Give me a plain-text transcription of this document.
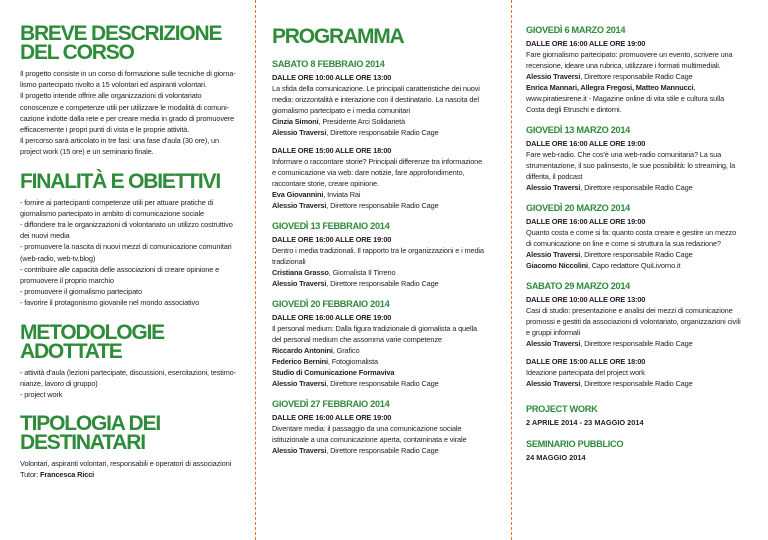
BREVE DESCRIZIONE
DEL CORSO
Il progetto consiste in un corso di formazione sulle tecniche di giorna-
lismo partecipato rivolto a 15 volontari ed aspiranti volontari.
Il progetto intende offrire alle organizzazioni di volontariato
conoscenze e competenze utili per utilizzare le modalità di comuni-
cazione indotte dalla rete e per creare media in grado di promuovere
efficacemente i propri punti di vista e le proprie attività.
Il percorso sarà articolato in tre fasi: una fase d'aula (30 ore), un
project work (15 ore) e un seminario finale.
FINALITÀ E OBIETTIVI
- fornire ai partecipanti competenze utili per attuare pratiche di
giornalismo partecipato in ambito di comunicazione sociale
- diffondere tra le organizzazioni di volontariato un utilizzo costruttivo
dei nuovi media
- promuovere la nascita di nuovi mezzi di comunicazione comunitari
(web-radio, web-tv,blog)
- contribuire alle capacità delle associazioni di creare opinione e
promuovere il proprio marchio
- promuovere il giornalismo partecipato
- favorire il protagonismo giovanile nel mondo associativo
METODOLOGIE
ADOTTATE
- attività d'aula (lezioni partecipate, discussioni, esercitazioni, testimo-
nianze, lavoro di gruppo)
- project work
TIPOLOGIA DEI
DESTINATARI
Volontari, aspiranti volontari, responsabili e operatori di associazioni
Tutor: Francesca Ricci
PROGRAMMA
SABATO 8 FEBBRAIO 2014
DALLE ORE 10:00 ALLE ORE 13:00
La sfida della comunicazione. Le principali caratteristiche dei nuovi
media: orizzontalità e interazione con il destinatario. La nascita del
giornalismo partecipato e i media comunitari
Cinzia Simoni, Presidente Arci Solidarietà
Alessio Traversi, Direttore responsabile Radio Cage
DALLE ORE 15:00 ALLE ORE 18:00
Informare o raccontare storie? Principali differenze tra informazione
e comunicazione via web: dare notizie, fare approfondimento,
raccontare storie, creare opinione.
Eva Giovannini, Inviata Rai
Alessio Traversi, Direttore responsabile Radio Cage
GIOVEDÌ 13 FEBBRAIO 2014
DALLE ORE 16:00 ALLE ORE 19:00
Dentro i media tradizionali. Il rapporto tra le organizzazioni e i media
tradizionali
Cristiana Grasso, Giornalista Il Tirreno
Alessio Traversi, Direttore responsabile Radio Cage
GIOVEDÌ 20 FEBBRAIO 2014
DALLE ORE 16:00 ALLE ORE 19:00
Il personal medium: Dalla figura tradizionale di giornalista a quella
del personal medium che assomma varie competenze
Riccardo Antonini, Grafico
Federico Bernini, Fotogiornalista
Studio di Comunicazione Formaviva
Alessio Traversi, Direttore responsabile Radio Cage
GIOVEDÌ 27 FEBBRAIO 2014
DALLE ORE 16:00 ALLE ORE 19:00
Diventare media: il passaggio da una comunicazione sociale
istituzionale a una comunicazione aperta, contaminata e virale
Alessio Traversi, Direttore responsabile Radio Cage
GIOVEDÌ 6 MARZO 2014
DALLE ORE 16:00 ALLE ORE 19:00
Fare giornalismo partecipato: promuovere un evento, scrivere una
recensione, ideare una rubrica, utilizzare i formati multimediali.
Alessio Traversi, Direttore responsabile Radio Cage
Enrica Mannari, Allegra Fregosi, Matteo Mannucci,
www.piratiesirene.it - Magazine online di vita stile e cultura sulla
Costa degli Etruschi e dintorni.
GIOVEDÌ 13 MARZO 2014
DALLE ORE 16:00 ALLE ORE 19:00
Fare web-radio. Che cos'è una web-radio comunitaria? La sua
strumentazione, il suo palinsesto, le sue possibilità: lo streaming, la
differita, il podcast
Alessio Traversi, Direttore responsabile Radio Cage
GIOVEDÌ 20 MARZO 2014
DALLE ORE 16:00 ALLE ORE 19:00
Quanto costa e come si fa: quanto costa creare e gestire un mezzo
di comunicazione on line e come si struttura la sua redazione?
Alessio Traversi, Direttore responsabile Radio Cage
Giacomo Niccolini, Capo redattore QuiLivorno.it
SABATO 29 MARZO 2014
DALLE ORE 10:00 ALLE ORE 13:00
Casi di studio: presentazione e analisi dei mezzi di comunicazione
promossi e gestiti da associazioni di volontariato, organizzazioni civili
e gruppi informali
Alessio Traversi, Direttore responsabile Radio Cage
DALLE ORE 15:00 ALLE ORE 18:00
Ideazione partecipata del project work
Alessio Traversi, Direttore responsabile Radio Cage
PROJECT WORK
2 APRILE 2014 - 23 MAGGIO 2014
SEMINARIO PUBBLICO
24 MAGGIO 2014
